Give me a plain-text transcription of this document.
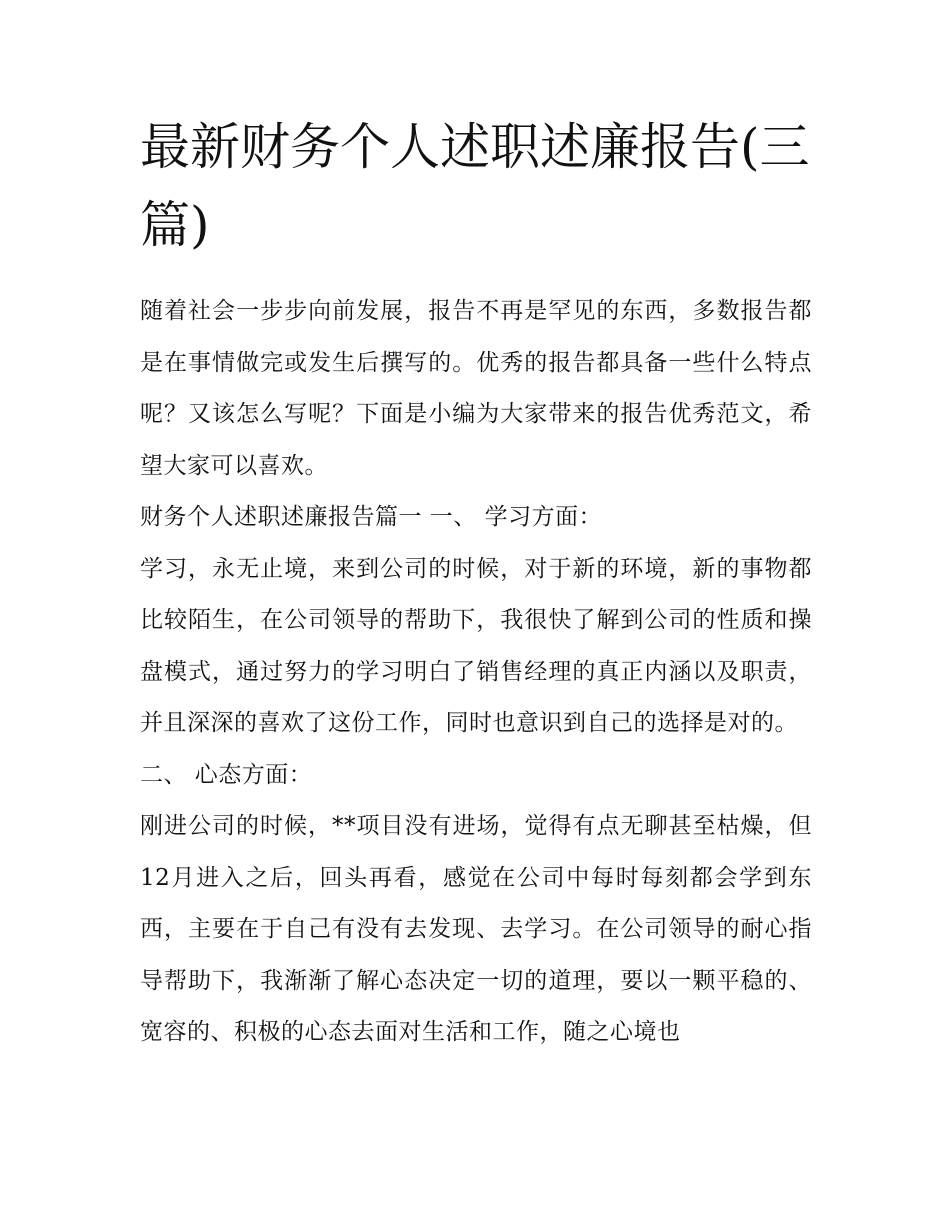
最新财务个人述职述廉报告(三篇)

随着社会一步步向前发展，报告不再是罕见的东西，多数报告都是在事情做完或发生后撰写的。优秀的报告都具备一些什么特点呢？又该怎么写呢？下面是小编为大家带来的报告优秀范文，希望大家可以喜欢。

财务个人述职述廉报告篇一 一、 学习方面：

学习，永无止境，来到公司的时候，对于新的环境，新的事物都比较陌生，在公司领导的帮助下，我很快了解到公司的性质和操盘模式，通过努力的学习明白了销售经理的真正内涵以及职责，并且深深的喜欢了这份工作，同时也意识到自己的选择是对的。

二、 心态方面：

刚进公司的时候，**项目没有进场，觉得有点无聊甚至枯燥，但12月进入之后，回头再看，感觉在公司中每时每刻都会学到东西，主要在于自己有没有去发现、去学习。在公司领导的耐心指导帮助下，我渐渐了解心态决定一切的道理，要以一颗平稳的、宽容的、积极的心态去面对生活和工作，随之心境也
